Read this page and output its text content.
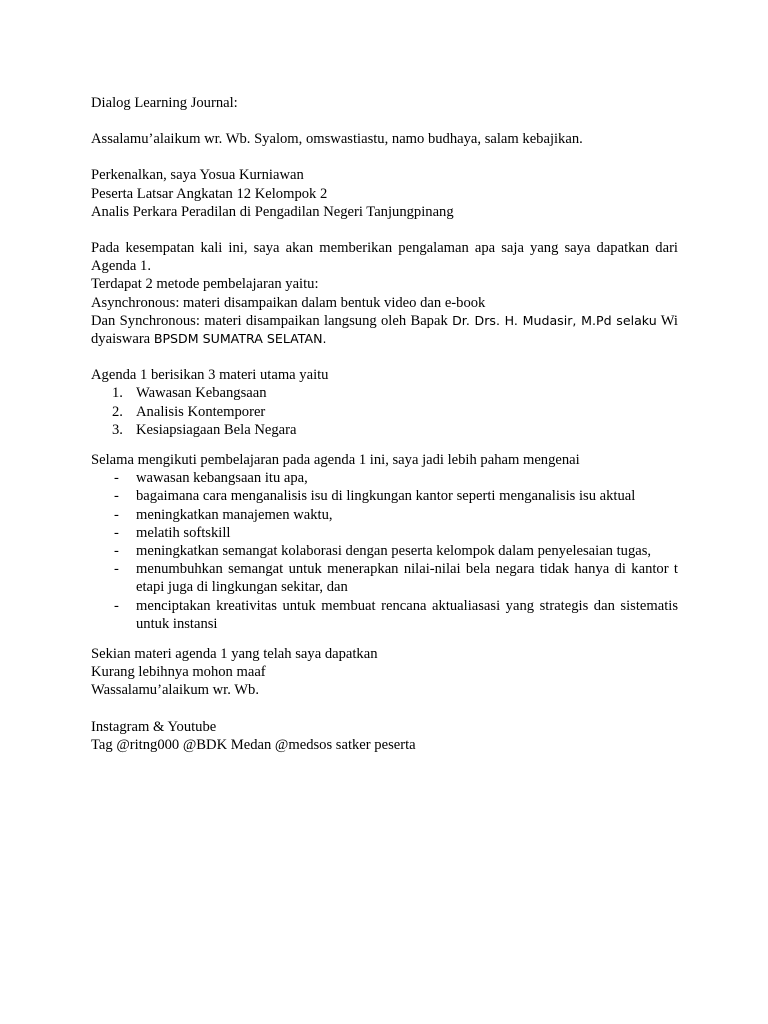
Dialog Learning Journal:

Assalamu’alaikum wr. Wb. Syalom, omswastiastu, namo budhaya, salam kebajikan.

Perkenalkan, saya Yosua Kurniawan

Peserta Latsar Angkatan 12 Kelompok 2

Analis Perkara Peradilan di Pengadilan Negeri Tanjungpinang

Pada kesempatan kali ini, saya akan memberikan pengalaman apa saja yang saya dapatkan dari Agenda 1.

Terdapat 2 metode pembelajaran yaitu:

Asynchronous: materi disampaikan dalam bentuk video dan e-book

Dan Synchronous: materi disampaikan langsung oleh Bapak Dr. Drs. H. Mudasir, M.Pd selaku Wi dyaiswara BPSDM SUMATRA SELATAN.

Agenda 1 berisikan 3 materi utama yaitu

1. Wawasan Kebangsaan
2. Analisis Kontemporer
3. Kesiapsiagaan Bela Negara

Selama mengikuti pembelajaran pada agenda 1 ini, saya jadi lebih paham mengenai

- wawasan kebangsaan itu apa,
- bagaimana cara menganalisis isu di lingkungan kantor seperti menganalisis isu aktual
- meningkatkan manajemen waktu,
- melatih softskill
- meningkatkan semangat kolaborasi dengan peserta kelompok dalam penyelesaian tugas,
- menumbuhkan semangat untuk menerapkan nilai-nilai bela negara tidak hanya di kantor t etapi juga di lingkungan sekitar, dan
- menciptakan kreativitas untuk membuat rencana aktualiasasi yang strategis dan sistematis untuk instansi

Sekian materi agenda 1 yang telah saya dapatkan

Kurang lebihnya mohon maaf

Wassalamu’alaikum wr. Wb.

Instagram & Youtube

Tag @ritng000 @BDK Medan @medsos satker peserta
